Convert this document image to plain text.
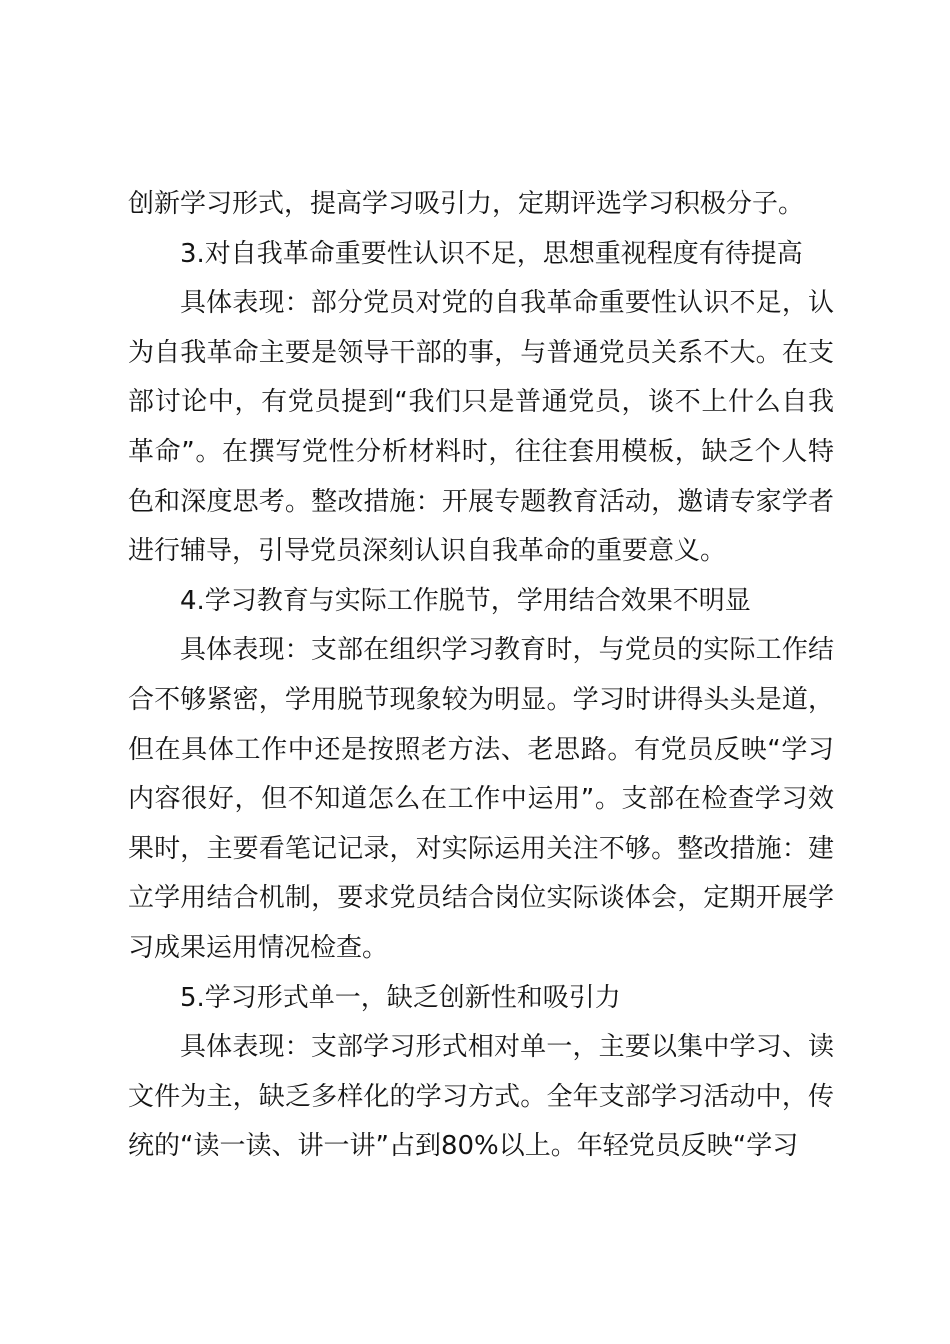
创新学习形式，提高学习吸引力，定期评选学习积极分子。

3.对自我革命重要性认识不足，思想重视程度有待提高

具体表现：部分党员对党的自我革命重要性认识不足，认为自我革命主要是领导干部的事，与普通党员关系不大。在支部讨论中，有党员提到“我们只是普通党员，谈不上什么自我革命”。在撰写党性分析材料时，往往套用模板，缺乏个人特色和深度思考。整改措施：开展专题教育活动，邀请专家学者进行辅导，引导党员深刻认识自我革命的重要意义。

4.学习教育与实际工作脱节，学用结合效果不明显

具体表现：支部在组织学习教育时，与党员的实际工作结合不够紧密，学用脱节现象较为明显。学习时讲得头头是道，但在具体工作中还是按照老方法、老思路。有党员反映“学习内容很好，但不知道怎么在工作中运用”。支部在检查学习效果时，主要看笔记记录，对实际运用关注不够。整改措施：建立学用结合机制，要求党员结合岗位实际谈体会，定期开展学习成果运用情况检查。

5.学习形式单一，缺乏创新性和吸引力

具体表现：支部学习形式相对单一，主要以集中学习、读文件为主，缺乏多样化的学习方式。全年支部学习活动中，传统的“读一读、讲一讲”占到80%以上。年轻党员反映“学习
